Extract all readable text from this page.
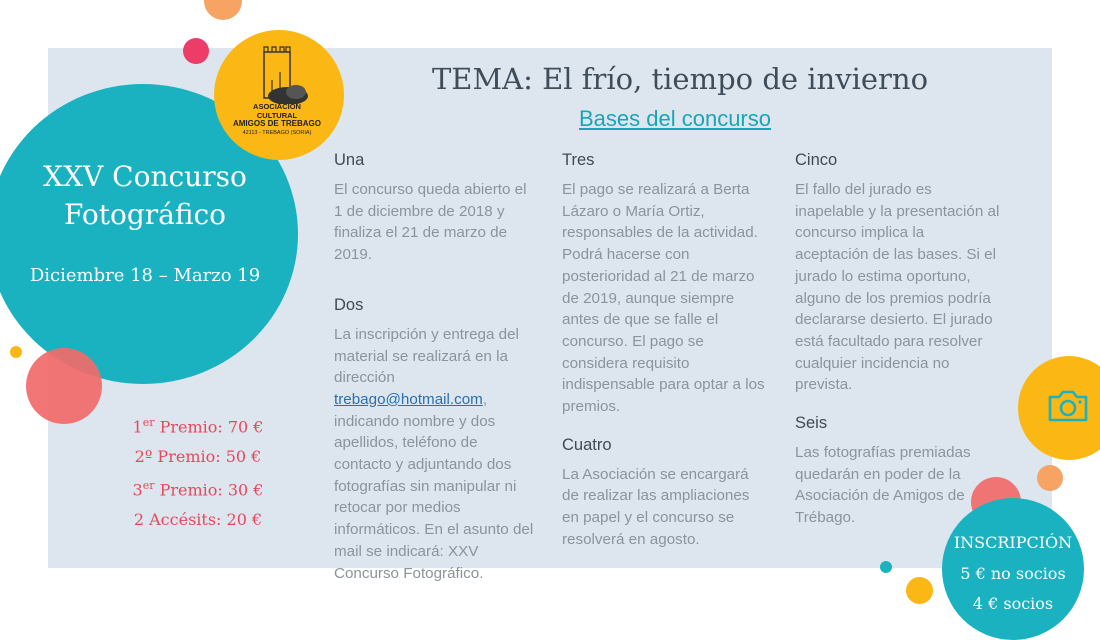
ASOCIACION
CULTURAL
AMIGOS DE TREBAGO
42113 - TREBAGO (SORIA)
TEMA: El frío, tiempo de invierno
Bases del concurso
XXV Concurso
Fotográfico
Diciembre 18 – Marzo 19
1er Premio: 70 €
2º Premio: 50 €
3er Premio: 30 €
2 Accésits: 20 €
Una

El concurso queda abierto el 1 de diciembre de 2018 y finaliza el 21 de marzo de 2019.

Dos

La inscripción y entrega del material se realizará en la dirección trebago@hotmail.com, indicando nombre y dos apellidos, teléfono de contacto y adjuntando dos fotografías sin manipular ni retocar por medios informáticos. En el asunto del mail se indicará: XXV Concurso Fotográfico.

Tres

El pago se realizará a Berta Lázaro o María Ortiz, responsables de la actividad. Podrá hacerse con posterioridad al 21 de marzo de 2019, aunque siempre antes de que se falle el concurso. El pago se considera requisito indispensable para optar a los premios.

Cuatro

La Asociación se encargará de realizar las ampliaciones en papel y el concurso se resolverá en agosto.

Cinco

El fallo del jurado es inapelable y la presentación al concurso implica la aceptación de las bases. Si el jurado lo estima oportuno, alguno de los premios podría declararse desierto. El jurado está facultado para resolver cualquier incidencia no prevista.

Seis

Las fotografías premiadas quedarán en poder de la Asociación de Amigos de Trébago.

INSCRIPCIÓN
5 € no socios
4 € socios
